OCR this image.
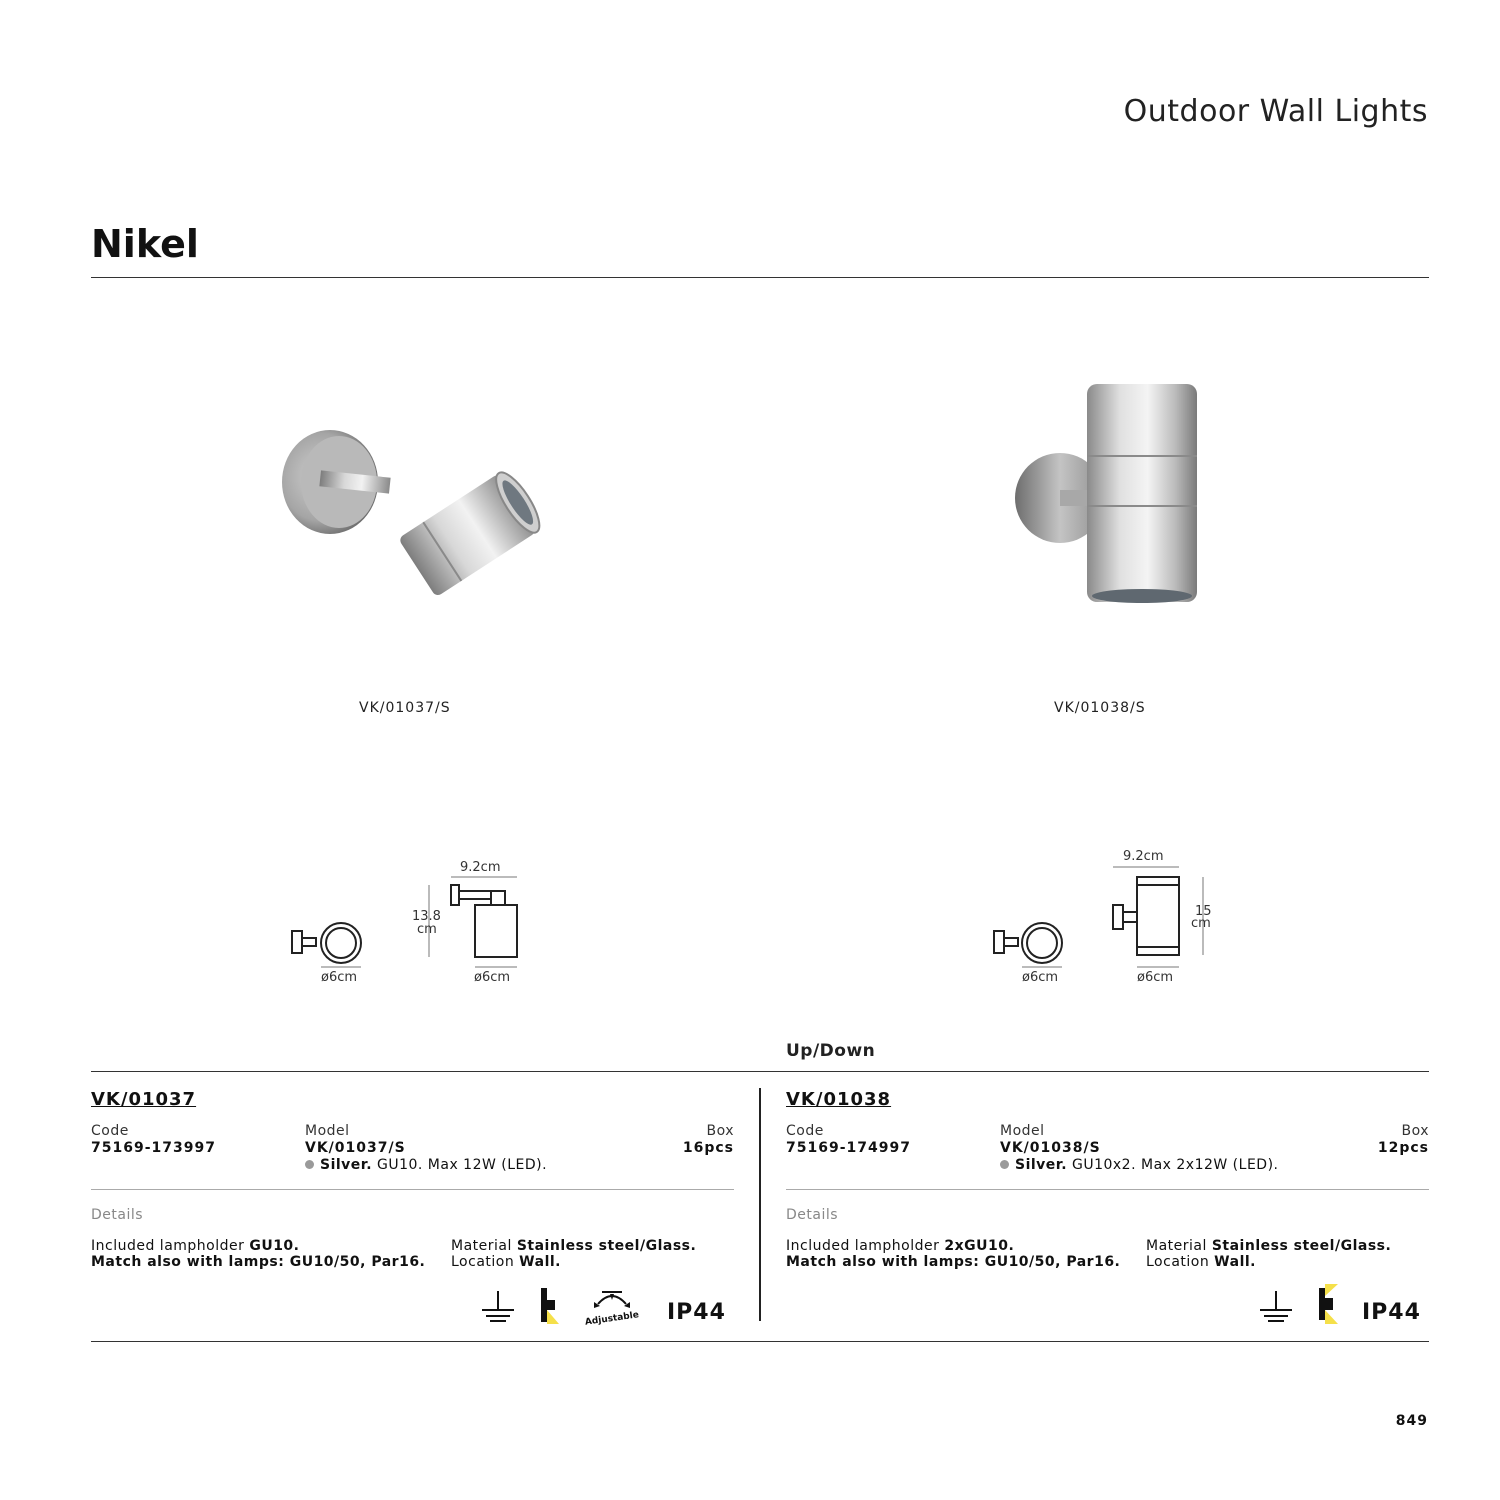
Outdoor Wall Lights
Nikel
VK/01037/S	VK/01038/S
9.2cm
13.8
cm
ø6cm	ø6cm
9.2cm
15
cm
ø6cm	ø6cm
Up/Down
VK/01037
Code
75169-173997
Model
VK/01037/S
Silver. GU10. Max 12W (LED).
Box
16pcs
Details
Included lampholder GU10.
Match also with lamps: GU10/50, Par16.
Material Stainless steel/Glass.
Location Wall.
Adjustable IP44
VK/01038
Code
75169-174997
Model
VK/01038/S
Silver. GU10x2. Max 2x12W (LED).
Box
12pcs
Details
Included lampholder 2xGU10.
Match also with lamps: GU10/50, Par16.
Material Stainless steel/Glass.
Location Wall.
IP44
849
